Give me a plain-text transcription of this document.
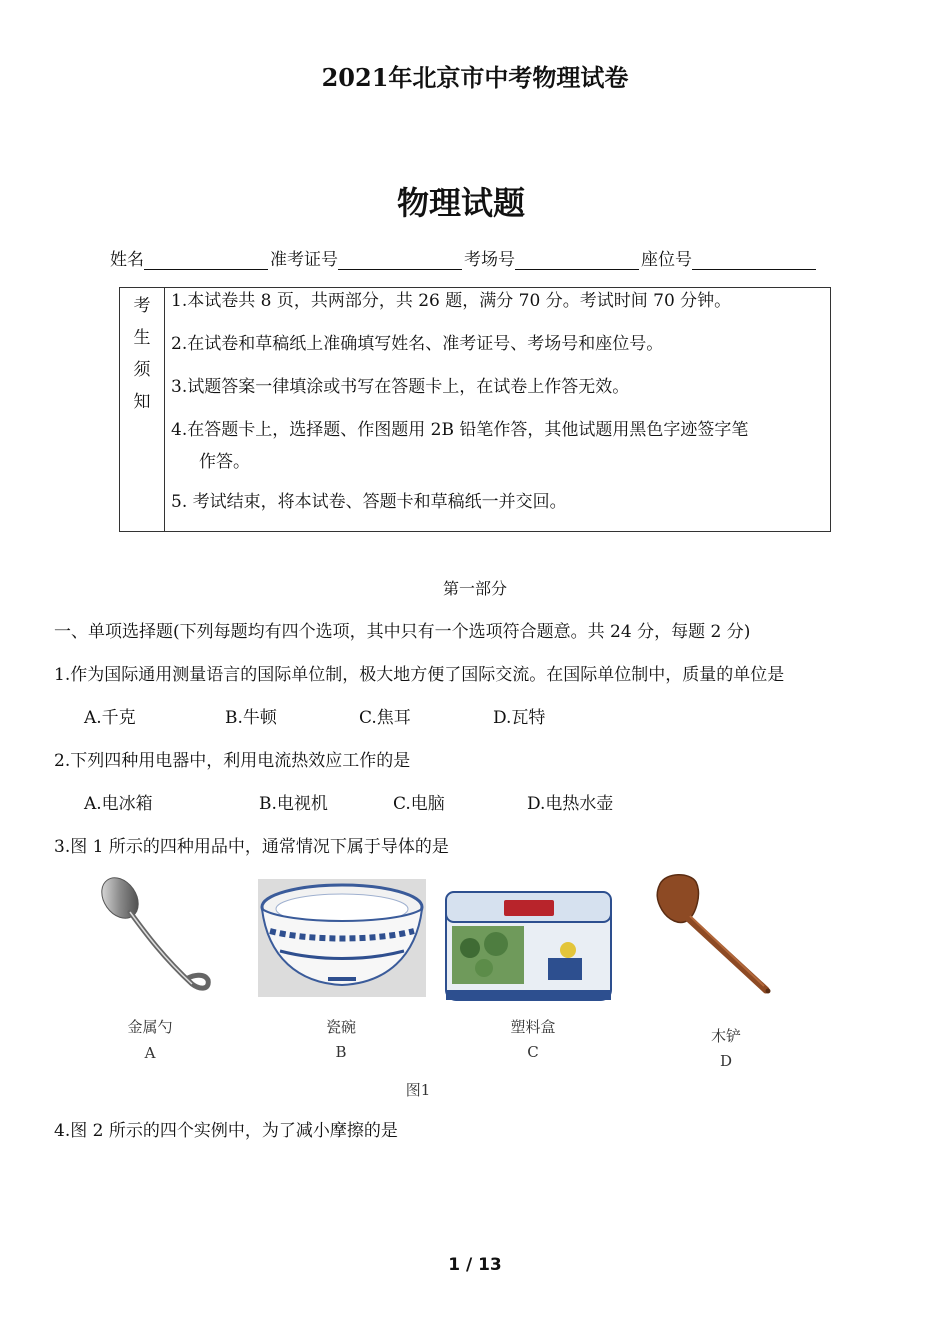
2021年北京市中考物理试卷
物理试题
姓名	准考证号	考场号	座位号
考
生
须
知
1.本试卷共 8 页，共两部分，共 26 题，满分 70 分。考试时间 70 分钟。
2.在试卷和草稿纸上准确填写姓名、准考证号、考场号和座位号。
3.试题答案一律填涂或书写在答题卡上，在试卷上作答无效。
4.在答题卡上，选择题、作图题用 2B 铅笔作答，其他试题用黑色字迹签字笔
作答。
5. 考试结束，将本试卷、答题卡和草稿纸一并交回。
第一部分
一、单项选择题(下列每题均有四个选项，其中只有一个选项符合题意。共 24 分，每题 2 分)
1.作为国际通用测量语言的国际单位制，极大地方便了国际交流。在国际单位制中，质量的单位是
A.千克	B.牛顿	C.焦耳	D.瓦特
2.下列四种用电器中，利用电流热效应工作的是
A.电冰箱	B.电视机	C.电脑	D.电热水壶
3.图 1 所示的四种用品中，通常情况下属于导体的是
金属勺
A
瓷碗
B
塑料盒
C
木铲
D
图1
4.图 2 所示的四个实例中，为了减小摩擦的是
1 / 13
